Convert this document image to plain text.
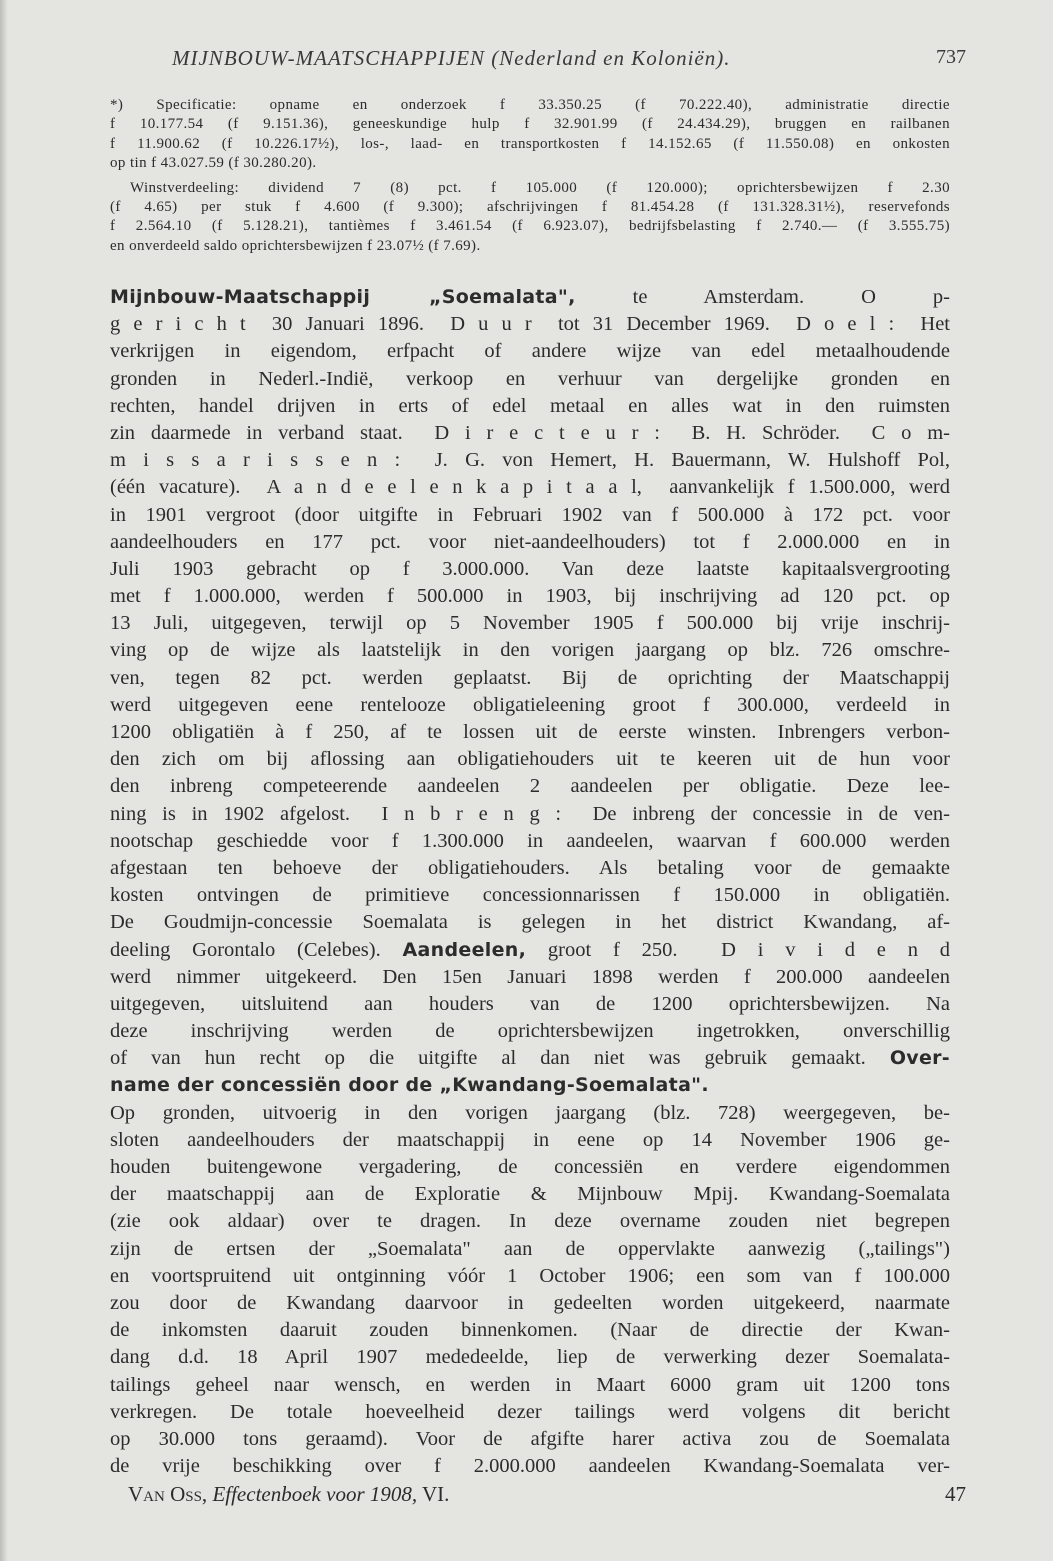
MIJNBOUW-MAATSCHAPPIJEN (Nederland en Koloniën).	737
*) Specificatie: opname en onderzoek f 33.350.25 (f 70.222.40), administratie directie
f 10.177.54 (f 9.151.36), geneeskundige hulp f 32.901.99 (f 24.434.29), bruggen en railbanen
f 11.900.62 (f 10.226.17½), los-, laad- en transportkosten f 14.152.65 (f 11.550.08) en onkosten
op tin f 43.027.59 (f 30.280.20).
Winstverdeeling: dividend 7 (8) pct. f 105.000 (f 120.000); oprichtersbewijzen f 2.30
(f 4.65) per stuk f 4.600 (f 9.300); afschrijvingen f 81.454.28 (f 131.328.31½), reservefonds
f 2.564.10 (f 5.128.21), tantièmes f 3.461.54 (f 6.923.07), bedrijfsbelasting f 2.740.— (f 3.555.75)
en onverdeeld saldo oprichtersbewijzen f 23.07½ (f 7.69).
Mijnbouw-Maatschappij „Soemalata", te Amsterdam. O p-
g e r i c h t  30 Januari 1896.  D u u r  tot 31 December 1969.  D o e l :  Het
verkrijgen in eigendom, erfpacht of andere wijze van edel metaalhoudende
gronden in Nederl.-Indië, verkoop en verhuur van dergelijke gronden en
rechten, handel drijven in erts of edel metaal en alles wat in den ruimsten
zin daarmede in verband staat.  D i r e c t e u r :  B. H. Schröder.  C o m-
m i s s a r i s s e n :  J. G. von Hemert, H. Bauermann, W. Hulshoff Pol,
(één vacature).  A a n d e e l e n k a p i t a a l,  aanvankelijk f 1.500.000, werd
in 1901 vergroot (door uitgifte in Februari 1902 van f 500.000 à 172 pct. voor
aandeelhouders en 177 pct. voor niet-aandeelhouders) tot f 2.000.000 en in
Juli 1903 gebracht op f 3.000.000. Van deze laatste kapitaalsvergrooting
met f 1.000.000, werden f 500.000 in 1903, bij inschrijving ad 120 pct. op
13 Juli, uitgegeven, terwijl op 5 November 1905 f 500.000 bij vrije inschrij-
ving op de wijze als laatstelijk in den vorigen jaargang op blz. 726 omschre-
ven, tegen 82 pct. werden geplaatst. Bij de oprichting der Maatschappij
werd uitgegeven eene rentelooze obligatieleening groot f 300.000, verdeeld in
1200 obligatiën à f 250, af te lossen uit de eerste winsten. Inbrengers verbon-
den zich om bij aflossing aan obligatiehouders uit te keeren uit de hun voor
den inbreng competeerende aandeelen 2 aandeelen per obligatie. Deze lee-
ning is in 1902 afgelost.  I n b r e n g :  De inbreng der concessie in de ven-
nootschap geschiedde voor f 1.300.000 in aandeelen, waarvan f 600.000 werden
afgestaan ten behoeve der obligatiehouders. Als betaling voor de gemaakte
kosten ontvingen de primitieve concessionnarissen f 150.000 in obligatiën.
De Goudmijn-concessie Soemalata is gelegen in het district Kwandang, af-
deeling Gorontalo (Celebes). Aandeelen, groot f 250.  D i v i d e n d
werd nimmer uitgekeerd. Den 15en Januari 1898 werden f 200.000 aandeelen
uitgegeven, uitsluitend aan houders van de 1200 oprichtersbewijzen. Na
deze inschrijving werden de oprichtersbewijzen ingetrokken, onverschillig
of van hun recht op die uitgifte al dan niet was gebruik gemaakt. Over-
name der concessiën door de „Kwandang-Soemalata".
Op gronden, uitvoerig in den vorigen jaargang (blz. 728) weergegeven, be-
sloten aandeelhouders der maatschappij in eene op 14 November 1906 ge-
houden buitengewone vergadering, de concessiën en verdere eigendommen
der maatschappij aan de Exploratie & Mijnbouw Mpij. Kwandang-Soemalata
(zie ook aldaar) over te dragen. In deze overname zouden niet begrepen
zijn de ertsen der „Soemalata" aan de oppervlakte aanwezig („tailings")
en voortspruitend uit ontginning vóór 1 October 1906; een som van f 100.000
zou door de Kwandang daarvoor in gedeelten worden uitgekeerd, naarmate
de inkomsten daaruit zouden binnenkomen. (Naar de directie der Kwan-
dang d.d. 18 April 1907 mededeelde, liep de verwerking dezer Soemalata-
tailings geheel naar wensch, en werden in Maart 6000 gram uit 1200 tons
verkregen. De totale hoeveelheid dezer tailings werd volgens dit bericht
op 30.000 tons geraamd). Voor de afgifte harer activa zou de Soemalata
de vrije beschikking over f 2.000.000 aandeelen Kwandang-Soemalata ver-
Van Oss, Effectenboek voor 1908, VI.	47
